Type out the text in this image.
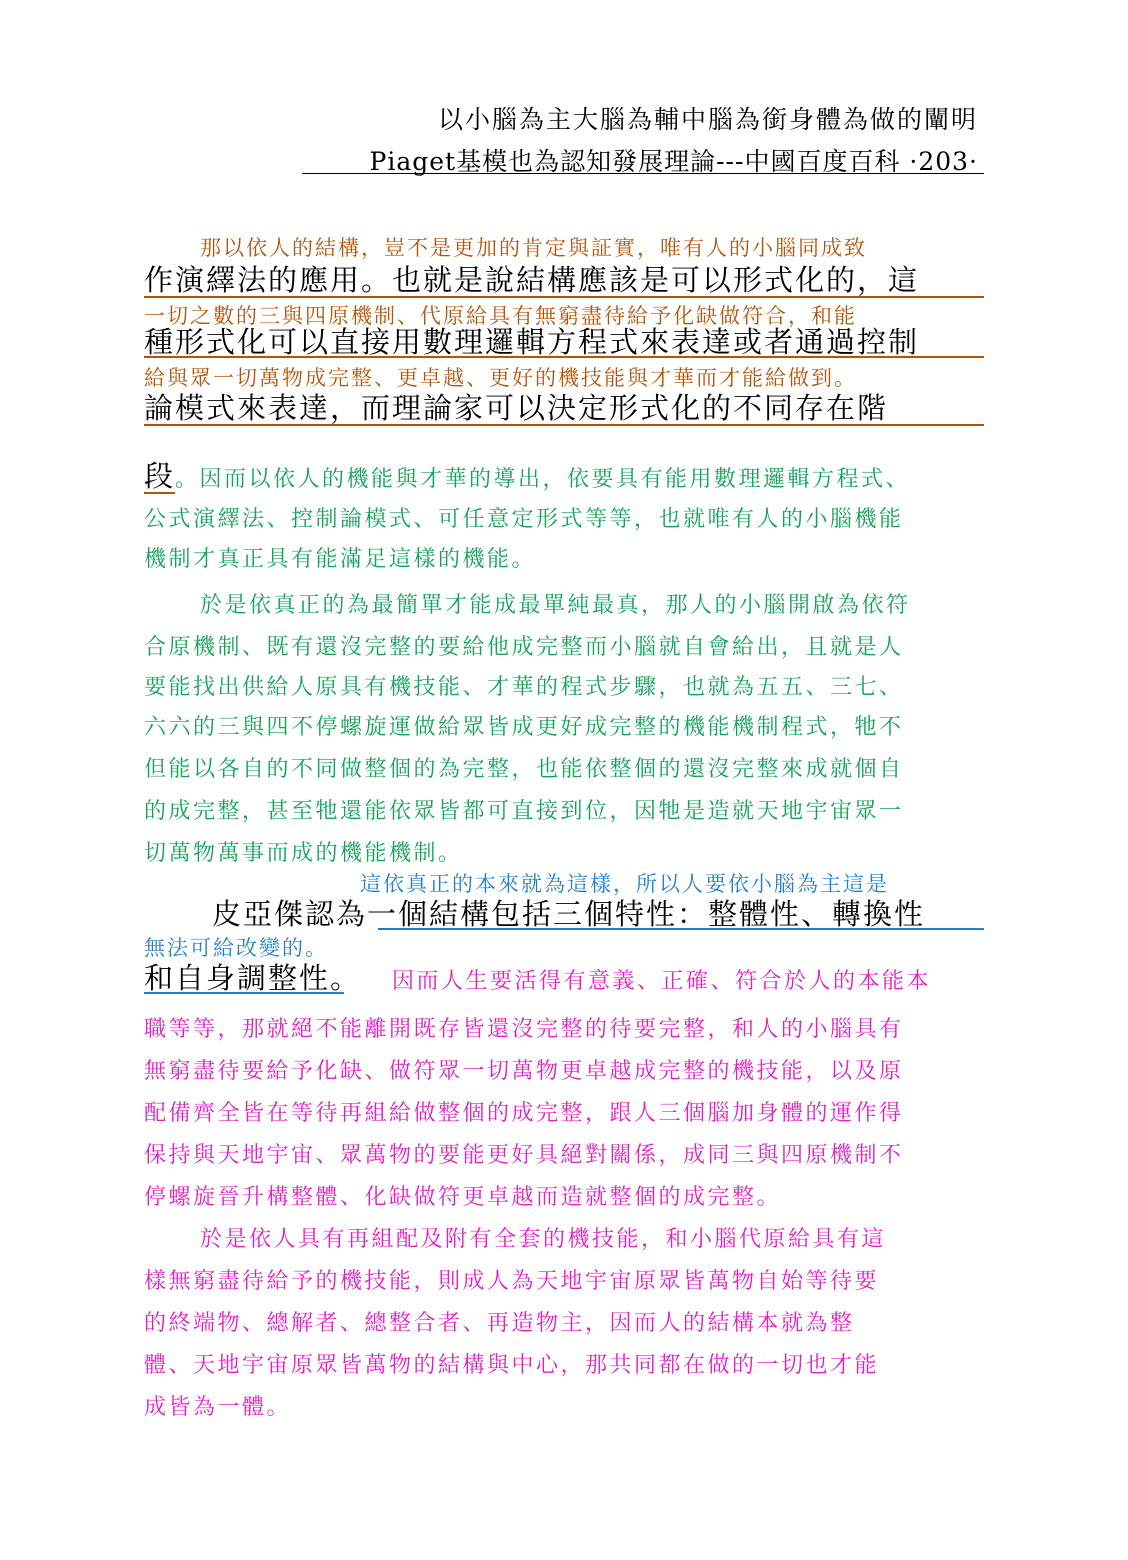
以小腦為主大腦為輔中腦為銜身體為做的闡明
Piaget基模也為認知發展理論---中國百度百科 ·203·
那以依人的結構，豈不是更加的肯定與証實，唯有人的小腦同成致
作演繹法的應用。也就是說結構應該是可以形式化的，這
一切之數的三與四原機制、代原給具有無窮盡待給予化缺做符合，和能
種形式化可以直接用數理邏輯方程式來表達或者通過控制
給與眾一切萬物成完整、更卓越、更好的機技能與才華而才能給做到。
論模式來表達，而理論家可以決定形式化的不同存在階
段。因而以依人的機能與才華的導出，依要具有能用數理邏輯方程式、
公式演繹法、控制論模式、可任意定形式等等，也就唯有人的小腦機能
機制才真正具有能滿足這樣的機能。
於是依真正的為最簡單才能成最單純最真，那人的小腦開啟為依符
合原機制、既有還沒完整的要給他成完整而小腦就自會給出，且就是人
要能找出供給人原具有機技能、才華的程式步驟，也就為五五、三七、
六六的三與四不停螺旋運做給眾皆成更好成完整的機能機制程式，牠不
但能以各自的不同做整個的為完整，也能依整個的還沒完整來成就個自
的成完整，甚至牠還能依眾皆都可直接到位，因牠是造就天地宇宙眾一
切萬物萬事而成的機能機制。
這依真正的本來就為這樣，所以人要依小腦為主這是
皮亞傑認為一個結構包括三個特性：整體性、轉換性
無法可給改變的。
和自身調整性。 因而人生要活得有意義、正確、符合於人的本能本
職等等，那就絕不能離開既存皆還沒完整的待要完整，和人的小腦具有
無窮盡待要給予化缺、做符眾一切萬物更卓越成完整的機技能，以及原
配備齊全皆在等待再組給做整個的成完整，跟人三個腦加身體的運作得
保持與天地宇宙、眾萬物的要能更好具絕對關係，成同三與四原機制不
停螺旋晉升構整體、化缺做符更卓越而造就整個的成完整。
於是依人具有再組配及附有全套的機技能，和小腦代原給具有這
樣無窮盡待給予的機技能，則成人為天地宇宙原眾皆萬物自始等待要
的終端物、總解者、總整合者、再造物主，因而人的結構本就為整
體、天地宇宙原眾皆萬物的結構與中心，那共同都在做的一切也才能
成皆為一體。
